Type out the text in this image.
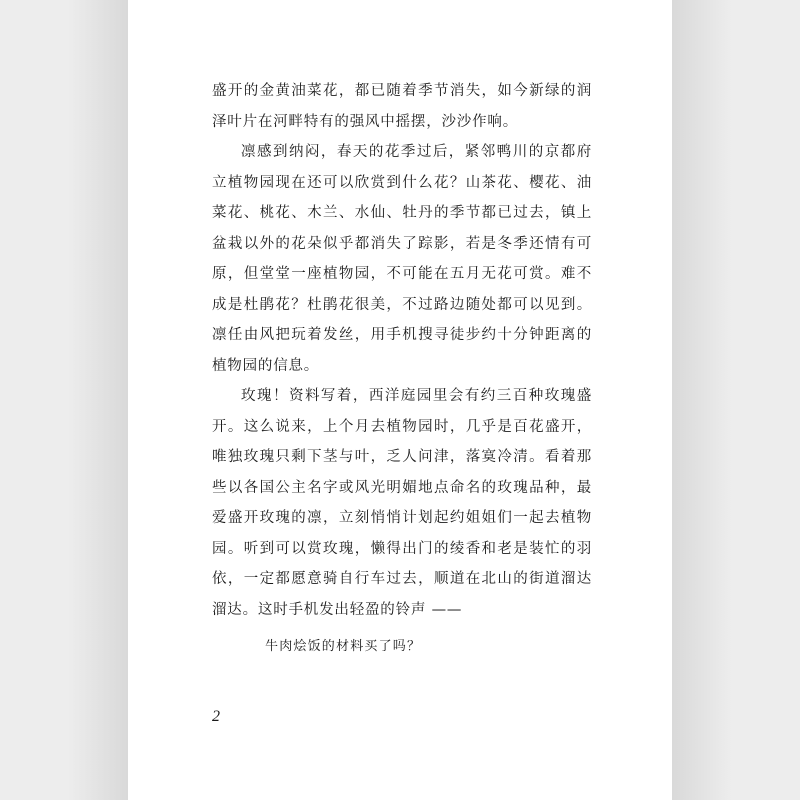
盛开的金黄油菜花，都已随着季节消失，如今新绿的润泽叶片在河畔特有的强风中摇摆，沙沙作响。

凛感到纳闷，春天的花季过后，紧邻鸭川的京都府立植物园现在还可以欣赏到什么花？山茶花、樱花、油菜花、桃花、木兰、水仙、牡丹的季节都已过去，镇上盆栽以外的花朵似乎都消失了踪影，若是冬季还情有可原，但堂堂一座植物园，不可能在五月无花可赏。难不成是杜鹃花？杜鹃花很美，不过路边随处都可以见到。凛任由风把玩着发丝，用手机搜寻徒步约十分钟距离的植物园的信息。

玫瑰！资料写着，西洋庭园里会有约三百种玫瑰盛开。这么说来，上个月去植物园时，几乎是百花盛开，唯独玫瑰只剩下茎与叶，乏人问津，落寞冷清。看着那些以各国公主名字或风光明媚地点命名的玫瑰品种，最爱盛开玫瑰的凛，立刻悄悄计划起约姐姐们一起去植物园。听到可以赏玫瑰，懒得出门的绫香和老是装忙的羽依，一定都愿意骑自行车过去，顺道在北山的街道溜达溜达。这时手机发出轻盈的铃声 ——

牛肉烩饭的材料买了吗？
2
